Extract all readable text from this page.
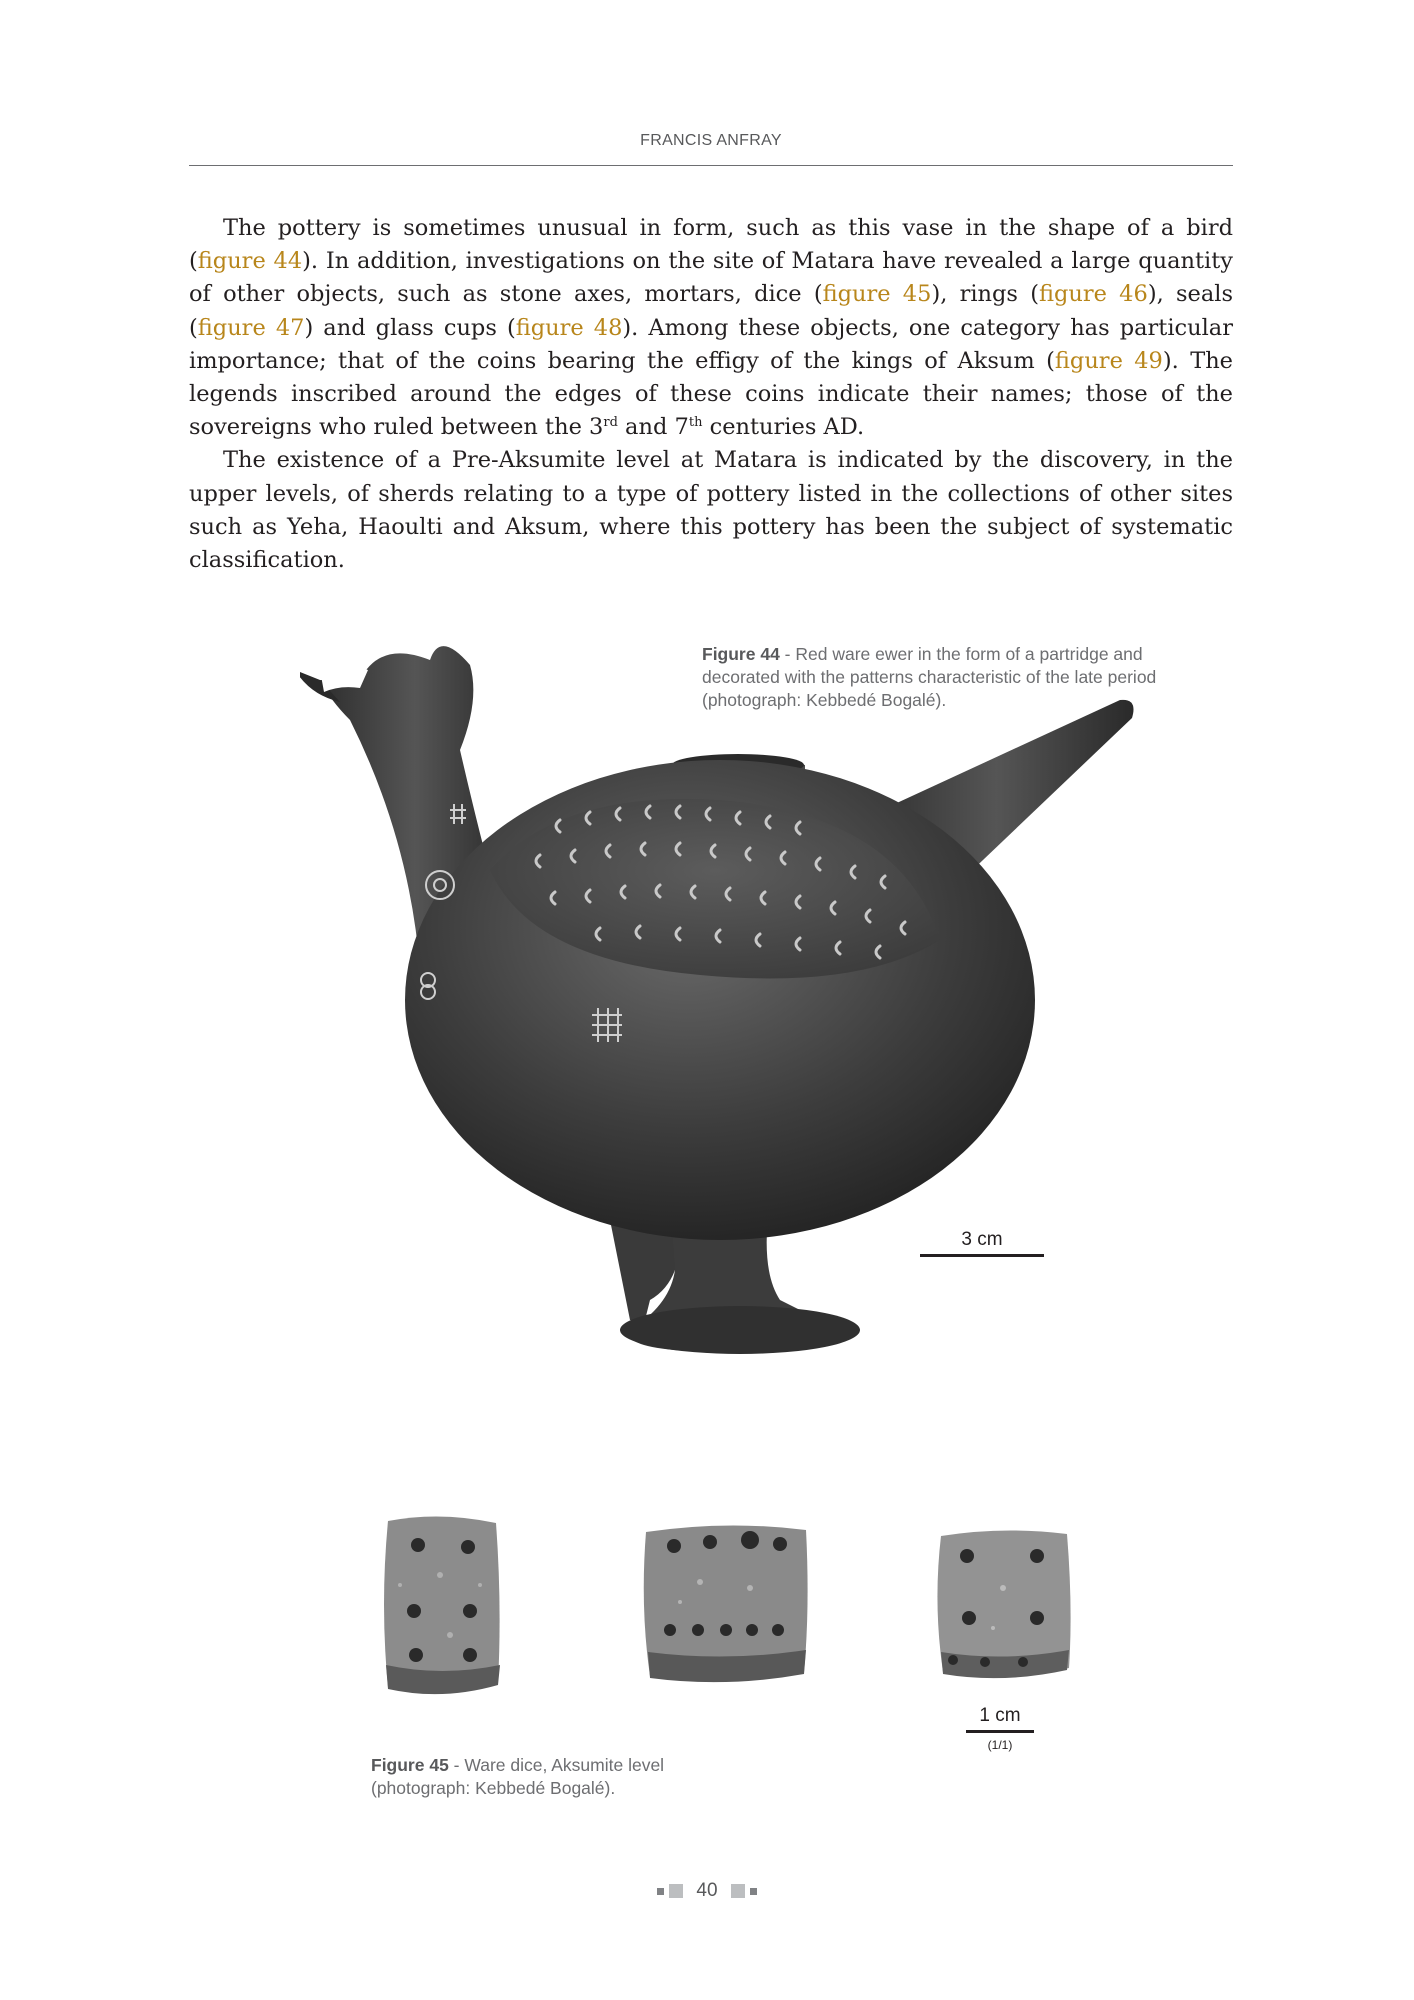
FRANCIS ANFRAY

The pottery is sometimes unusual in form, such as this vase in the shape of a bird (figure 44). In addition, investigations on the site of Matara have revealed a large quantity of other objects, such as stone axes, mortars, dice (figure 45), rings (figure 46), seals (figure 47) and glass cups (figure 48). Among these objects, one category has particular importance; that of the coins bearing the effigy of the kings of Aksum (figure 49). The legends inscribed around the edges of these coins indicate their names; those of the sovereigns who ruled between the 3rd and 7th centuries AD.

The existence of a Pre-Aksumite level at Matara is indicated by the discovery, in the upper levels, of sherds relating to a type of pottery listed in the collections of other sites such as Yeha, Haoulti and Aksum, where this pottery has been the subject of systematic classification.

Figure 44 - Red ware ewer in the form of a partridge and decorated with the patterns characteristic of the late period (photograph: Kebbedé Bogalé).
3 cm
1 cm
(1/1)
Figure 45 - Ware dice, Aksumite level (photograph: Kebbedé Bogalé).
40
